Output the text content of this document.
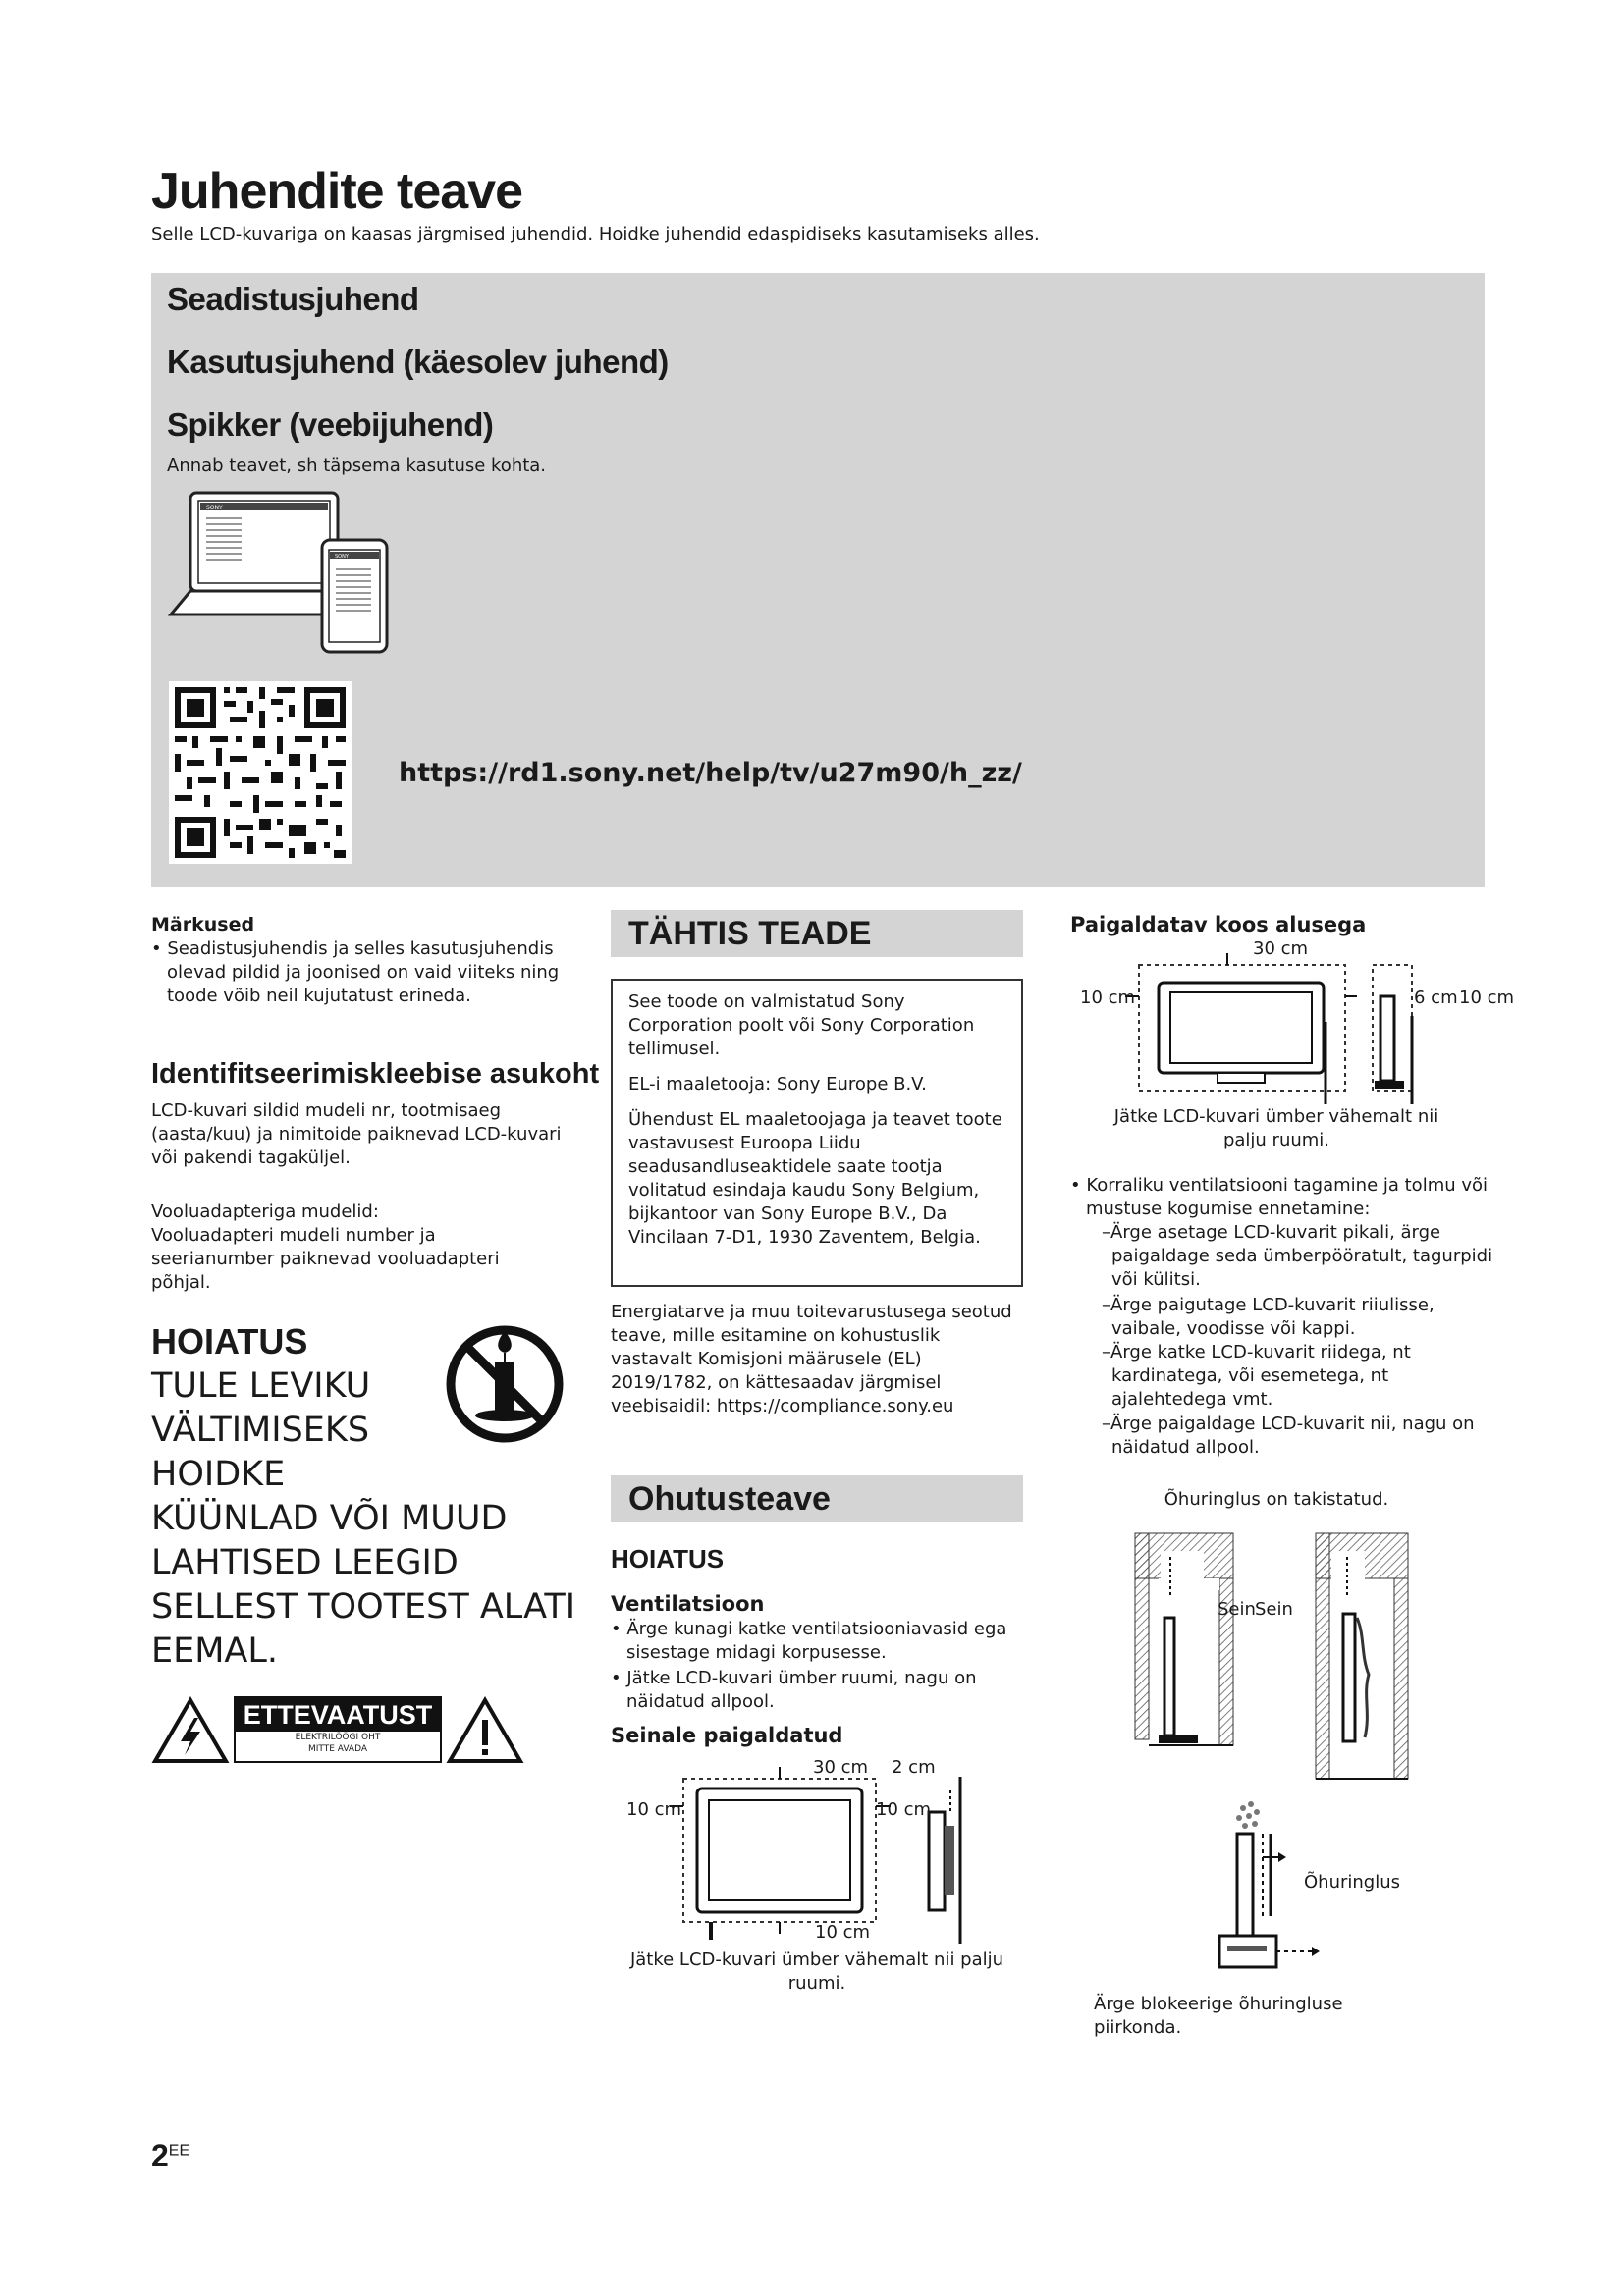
Juhendite teave
Selle LCD-kuvariga on kaasas järgmised juhendid. Hoidke juhendid edaspidiseks kasutamiseks alles.
Seadistusjuhend
Kasutusjuhend (käesolev juhend)
Spikker (veebijuhend)
Annab teavet, sh täpsema kasutuse kohta.
SONY
SONY
https://rd1.sony.net/help/tv/u27m90/h_zz/
Märkused
• Seadistusjuhendis ja selles kasutusjuhendis olevad pildid ja joonised on vaid viiteks ning toode võib neil kujutatust erineda.
Identifitseerimiskleebise asukoht
LCD-kuvari sildid mudeli nr, tootmisaeg (aasta/kuu) ja nimitoide paiknevad LCD-kuvari või pakendi tagaküljel.
Vooluadapteriga mudelid:
Vooluadapteri mudeli number ja seerianumber paiknevad vooluadapteri põhjal.
HOIATUS
TULE LEVIKU
VÄLTIMISEKS
HOIDKE
KÜÜNLAD VÕI MUUD
LAHTISED LEEGID
SELLEST TOOTEST ALATI
EEMAL.
ETTEVAATUST
ELEKTRILÖÖGI OHT
MITTE AVADA
TÄHTIS TEADE

See toode on valmistatud Sony Corporation poolt või Sony Corporation tellimusel.

EL-i maaletooja: Sony Europe B.V.

Ühendust EL maaletoojaga ja teavet toote vastavusest Euroopa Liidu seadusandluseaktidele saate tootja volitatud esindaja kaudu Sony Belgium, bijkantoor van Sony Europe B.V., Da Vincilaan 7-D1, 1930 Zaventem, Belgia.

Energiatarve ja muu toitevarustusega seotud teave, mille esitamine on kohustuslik vastavalt Komisjoni määrusele (EL) 2019/1782, on kättesaadav järgmisel veebisaidil: https://compliance.sony.eu
Ohutusteave
HOIATUS
Ventilatsioon
• Ärge kunagi katke ventilatsiooniavasid ega sisestage midagi korpusesse.
• Jätke LCD-kuvari ümber ruumi, nagu on näidatud allpool.
Seinale paigaldatud
30 cm 2 cm
10 cm	10 cm
10 cm
Jätke LCD-kuvari ümber vähemalt nii palju ruumi.
Paigaldatav koos alusega
30 cm
10 cm	6 cm 10 cm
Jätke LCD-kuvari ümber vähemalt nii palju ruumi.
• Korraliku ventilatsiooni tagamine ja tolmu või mustuse kogumise ennetamine:
–Ärge asetage LCD-kuvarit pikali, ärge paigaldage seda ümberpööratult, tagurpidi või külitsi.
–Ärge paigutage LCD-kuvarit riiulisse, vaibale, voodisse või kappi.
–Ärge katke LCD-kuvarit riidega, nt kardinatega, või esemetega, nt ajalehtedega vmt.
–Ärge paigaldage LCD-kuvarit nii, nagu on näidatud allpool.
Õhuringlus on takistatud.
Sein Sein
Õhuringlus
Ärge blokeerige õhuringluse piirkonda.
$2^{EE}$
